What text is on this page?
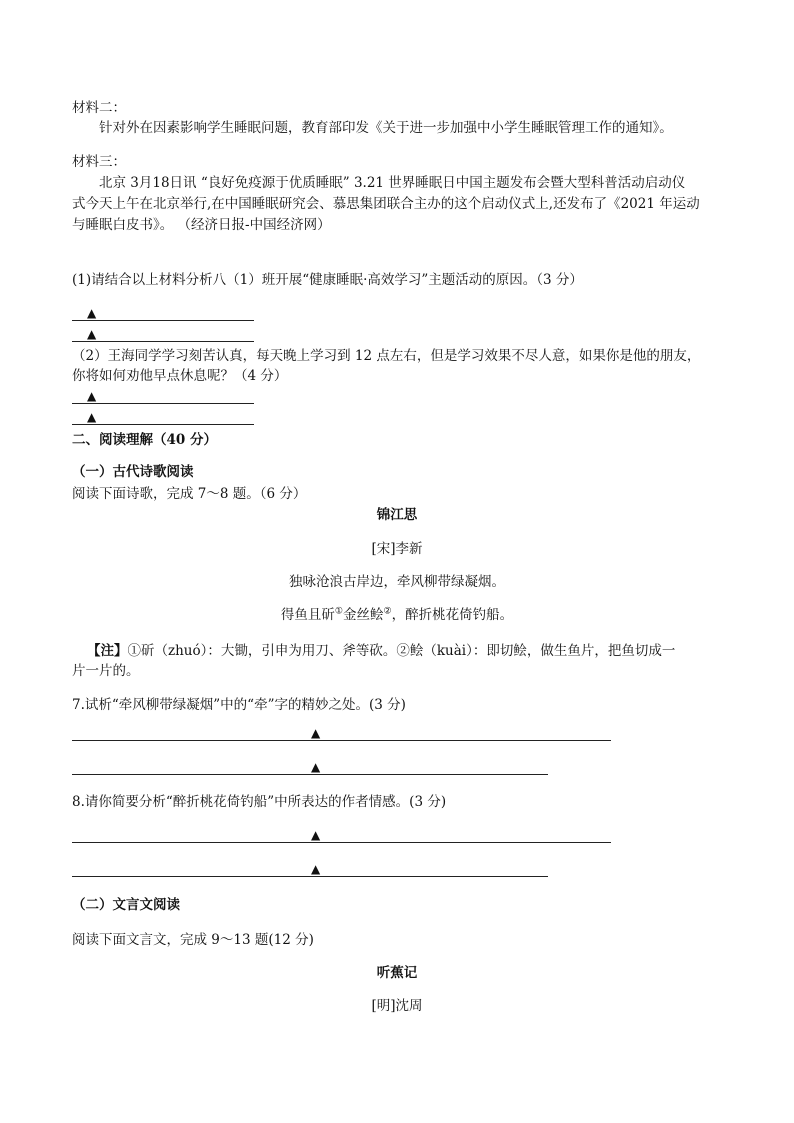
材料二：
针对外在因素影响学生睡眠问题，教育部印发《关于进一步加强中小学生睡眠管理工作的通知》。
材料三：
北京 3月18日讯 “良好免疫源于优质睡眠” 3.21 世界睡眠日中国主题发布会暨大型科普活动启动仪
式今天上午在北京举行,在中国睡眠研究会、慕思集团联合主办的这个启动仪式上,还发布了《2021 年运动
与睡眠白皮书》。 （经济日报-中国经济网）
(1)请结合以上材料分析八（1）班开展“健康睡眠·高效学习”主题活动的原因。（3 分）
▲
▲
（2）王海同学学习刻苦认真，每天晚上学习到 12 点左右，但是学习效果不尽人意，如果你是他的朋友，
你将如何劝他早点休息呢？（4 分）
▲
▲
二、阅读理解（40 分）
（一）古代诗歌阅读
阅读下面诗歌，完成 7～8 题。（6 分）
锦江思
[宋]李新
独咏沧浪古岸边，牵风柳带绿凝烟。
得鱼且斫①金丝鲙②，醉折桃花倚钓船。
【注】①斫（zhuó）：大锄，引申为用刀、斧等砍。②鲙（kuài）：即切鲙，做生鱼片，把鱼切成一
片一片的。
7.试析“牵风柳带绿凝烟”中的“牵”字的精妙之处。(3 分)
▲
▲
8.请你简要分析“醉折桃花倚钓船”中所表达的作者情感。(3 分)
▲
▲
（二）文言文阅读
阅读下面文言文，完成 9～13 题(12 分)
听蕉记
[明]沈周
